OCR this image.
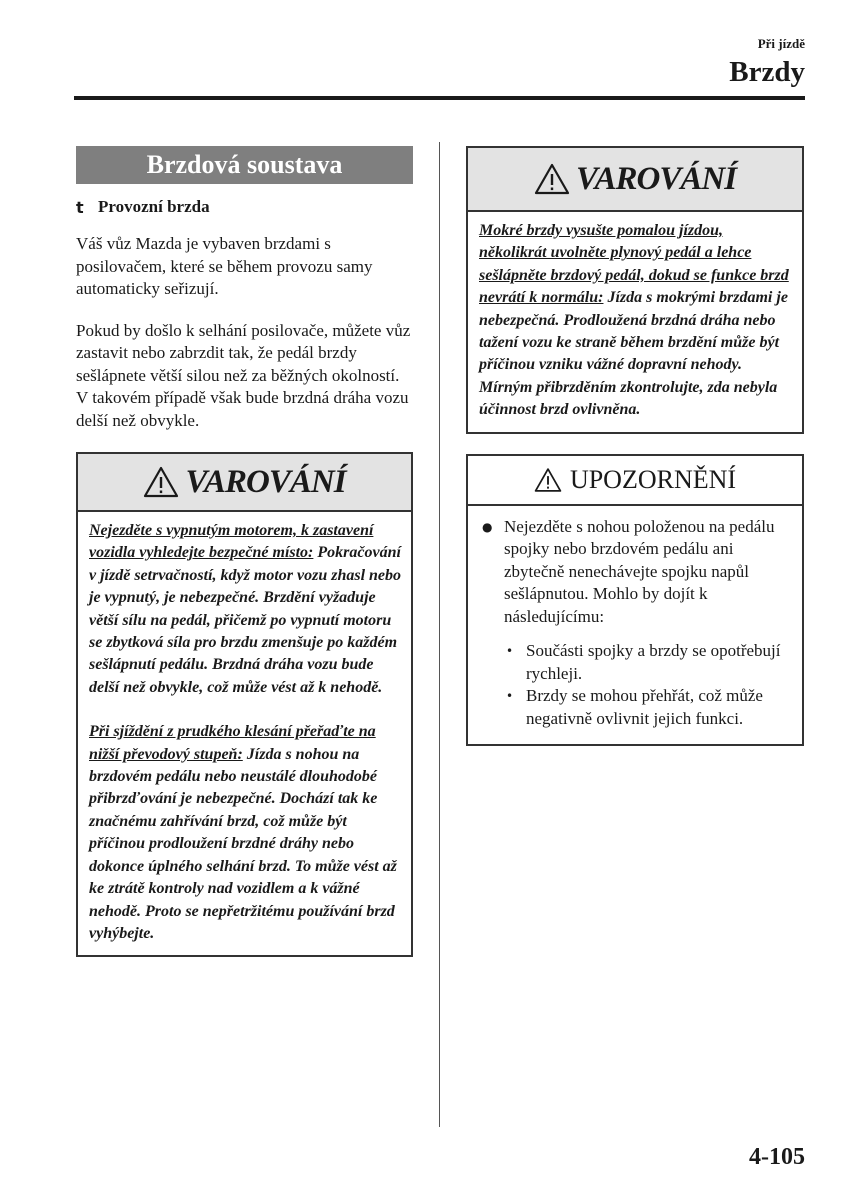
Při jízdě
Brzdy
Brzdová soustava
t Provozní brzda

Váš vůz Mazda je vybaven brzdami s posilovačem, které se během provozu samy automaticky seřizují.

Pokud by došlo k selhání posilovače, můžete vůz zastavit nebo zabrzdit tak, že pedál brzdy sešlápnete větší silou než za běžných okolností. V takovém případě však bude brzdná dráha vozu delší než obvykle.

VAROVÁNÍ
Nejezděte s vypnutým motorem, k zastavení vozidla vyhledejte bezpečné místo: Pokračování v jízdě setrvačností, když motor vozu zhasl nebo je vypnutý, je nebezpečné. Brzdění vyžaduje větší sílu na pedál, přičemž po vypnutí motoru se zbytková síla pro brzdu zmenšuje po každém sešlápnutí pedálu. Brzdná dráha vozu bude delší než obvykle, což může vést až k nehodě.
Při sjíždění z prudkého klesání přeřaďte na nižší převodový stupeň: Jízda s nohou na brzdovém pedálu nebo neustálé dlouhodobé přibrzďování je nebezpečné. Dochází tak ke značnému zahřívání brzd, což může být příčinou prodloužení brzdné dráhy nebo dokonce úplného selhání brzd. To může vést až ke ztrátě kontroly nad vozidlem a k vážné nehodě. Proto se nepřetržitému používání brzd vyhýbejte.
VAROVÁNÍ
Mokré brzdy vysušte pomalou jízdou, několikrát uvolněte plynový pedál a lehce sešlápněte brzdový pedál, dokud se funkce brzd nevrátí k normálu: Jízda s mokrými brzdami je nebezpečná. Prodloužená brzdná dráha nebo tažení vozu ke straně během brzdění může být příčinou vzniku vážné dopravní nehody. Mírným přibrzděním zkontrolujte, zda nebyla účinnost brzd ovlivněna.
UPOZORNĚNÍ
● Nejezděte s nohou položenou na pedálu spojky nebo brzdovém pedálu ani zbytečně nenechávejte spojku napůl sešlápnutou. Mohlo by dojít k následujícímu:
• Součásti spojky a brzdy se opotřebují rychleji.
• Brzdy se mohou přehřát, což může negativně ovlivnit jejich funkci.
4-105
